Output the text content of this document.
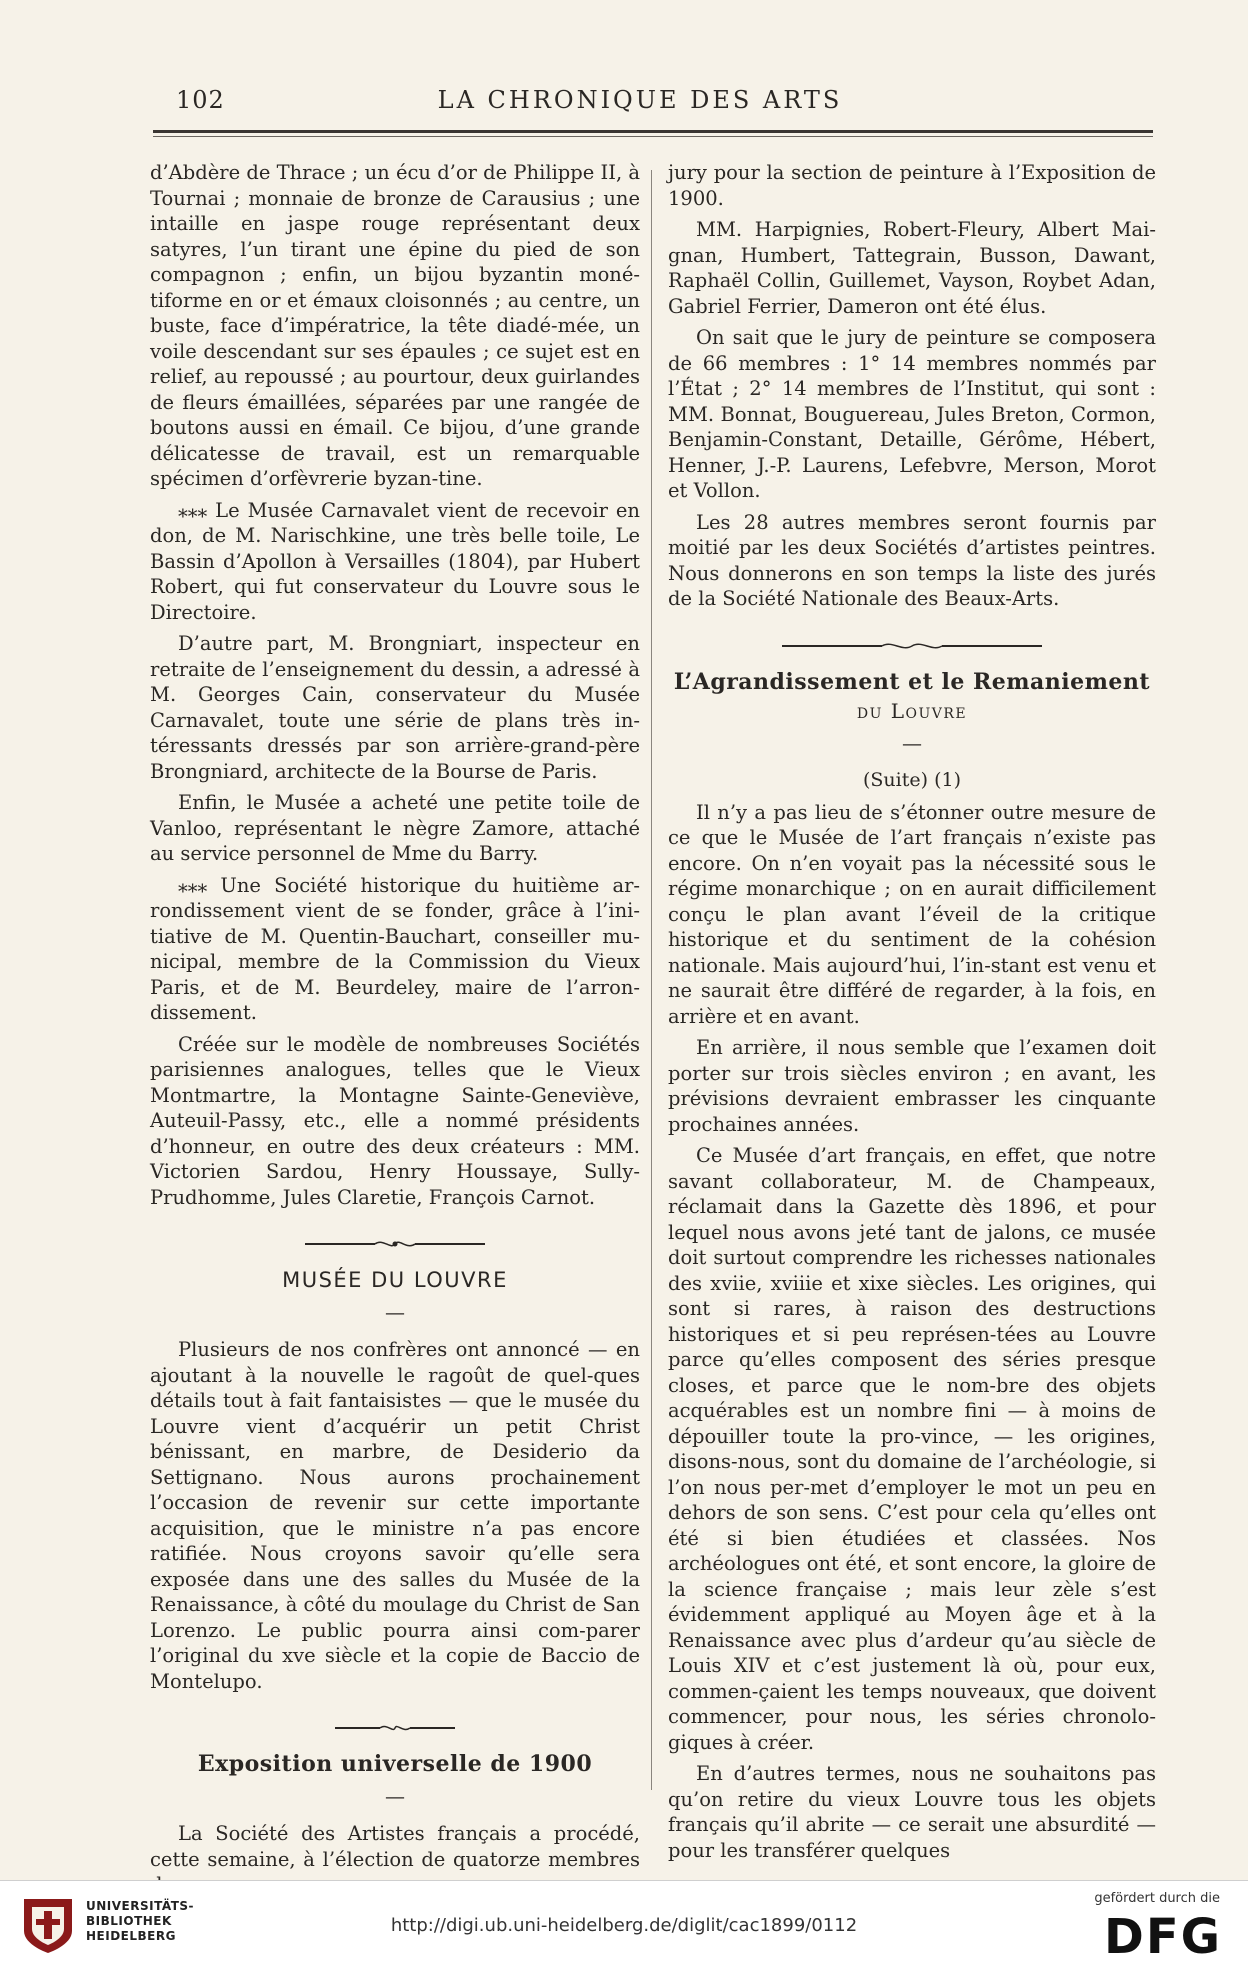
102	LA CHRONIQUE DES ARTS

d’Abdère de Thrace ; un écu d’or de Philippe II, à Tournai ; monnaie de bronze de Carausius ; une intaille en jaspe rouge représentant deux satyres, l’un tirant une épine du pied de son compagnon ; enfin, un bijou byzantin moné-tiforme en or et émaux cloisonnés ; au centre, un buste, face d’impératrice, la tête diadé-mée, un voile descendant sur ses épaules ; ce sujet est en relief, au repoussé ; au pourtour, deux guirlandes de fleurs émaillées, séparées par une rangée de boutons aussi en émail. Ce bijou, d’une grande délicatesse de travail, est un remarquable spécimen d’orfèvrerie byzan-tine.

⁎⁎⁎ Le Musée Carnavalet vient de recevoir en don, de M. Narischkine, une très belle toile, Le Bassin d’Apollon à Versailles (1804), par Hubert Robert, qui fut conservateur du Louvre sous le Directoire.

D’autre part, M. Brongniart, inspecteur en retraite de l’enseignement du dessin, a adressé à M. Georges Cain, conservateur du Musée Carnavalet, toute une série de plans très in-téressants dressés par son arrière-grand-père Brongniard, architecte de la Bourse de Paris.

Enfin, le Musée a acheté une petite toile de Vanloo, représentant le nègre Zamore, attaché au service personnel de Mme du Barry.

⁎⁎⁎ Une Société historique du huitième ar-rondissement vient de se fonder, grâce à l’ini-tiative de M. Quentin-Bauchart, conseiller mu-nicipal, membre de la Commission du Vieux Paris, et de M. Beurdeley, maire de l’arron-dissement.

Créée sur le modèle de nombreuses Sociétés parisiennes analogues, telles que le Vieux Montmartre, la Montagne Sainte-Geneviève, Auteuil-Passy, etc., elle a nommé présidents d’honneur, en outre des deux créateurs : MM. Victorien Sardou, Henry Houssaye, Sully-Prudhomme, Jules Claretie, François Carnot.

MUSÉE DU LOUVRE
—

Plusieurs de nos confrères ont annoncé — en ajoutant à la nouvelle le ragoût de quel-ques détails tout à fait fantaisistes — que le musée du Louvre vient d’acquérir un petit Christ bénissant, en marbre, de Desiderio da Settignano. Nous aurons prochainement l’occasion de revenir sur cette importante acquisition, que le ministre n’a pas encore ratifiée. Nous croyons savoir qu’elle sera exposée dans une des salles du Musée de la Renaissance, à côté du moulage du Christ de San Lorenzo. Le public pourra ainsi com-parer l’original du xve siècle et la copie de Baccio de Montelupo.

Exposition universelle de 1900
—

La Société des Artistes français a procédé, cette semaine, à l’élection de quatorze membres

jury pour la section de peinture à l’Exposition de 1900.

MM. Harpignies, Robert-Fleury, Albert Mai-gnan, Humbert, Tattegrain, Busson, Dawant, Raphaël Collin, Guillemet, Vayson, Roybet Adan, Gabriel Ferrier, Dameron ont été élus.

On sait que le jury de peinture se composera de 66 membres : 1° 14 membres nommés par l’État ; 2° 14 membres de l’Institut, qui sont : MM. Bonnat, Bouguereau, Jules Breton, Cormon, Benjamin-Constant, Detaille, Gérôme, Hébert, Henner, J.-P. Laurens, Lefebvre, Merson, Morot et Vollon.

Les 28 autres membres seront fournis par moitié par les deux Sociétés d’artistes peintres. Nous donnerons en son temps la liste des jurés de la Société Nationale des Beaux-Arts.

L’Agrandissement et le Remaniement
du Louvre
—
(Suite) (1)

Il n’y a pas lieu de s’étonner outre mesure de ce que le Musée de l’art français n’existe pas encore. On n’en voyait pas la nécessité sous le régime monarchique ; on en aurait difficilement conçu le plan avant l’éveil de la critique historique et du sentiment de la cohésion nationale. Mais aujourd’hui, l’in-stant est venu et ne saurait être différé de regarder, à la fois, en arrière et en avant.

En arrière, il nous semble que l’examen doit porter sur trois siècles environ ; en avant, les prévisions devraient embrasser les cinquante prochaines années.

Ce Musée d’art français, en effet, que notre savant collaborateur, M. de Champeaux, réclamait dans la Gazette dès 1896, et pour lequel nous avons jeté tant de jalons, ce musée doit surtout comprendre les richesses nationales des xviie, xviiie et xixe siècles. Les origines, qui sont si rares, à raison des destructions historiques et si peu représen-tées au Louvre parce qu’elles composent des séries presque closes, et parce que le nom-bre des objets acquérables est un nombre fini — à moins de dépouiller toute la pro-vince, — les origines, disons-nous, sont du domaine de l’archéologie, si l’on nous per-met d’employer le mot un peu en dehors de son sens. C’est pour cela qu’elles ont été si bien étudiées et classées. Nos archéologues ont été, et sont encore, la gloire de la science française ; mais leur zèle s’est évidemment appliqué au Moyen âge et à la Renaissance avec plus d’ardeur qu’au siècle de Louis XIV et c’est justement là où, pour eux, commen-çaient les temps nouveaux, que doivent commencer, pour nous, les séries chronolo-giques à créer.

En d’autres termes, nous ne souhaitons pas qu’on retire du vieux Louvre tous les objets français qu’il abrite — ce serait une absurdité — pour les transférer quelques

UNIVERSITÄTS-
BIBLIOTHEK
HEIDELBERG	http://digi.ub.uni-heidelberg.de/diglit/cac1899/0112
gefördert durch die
DFG
